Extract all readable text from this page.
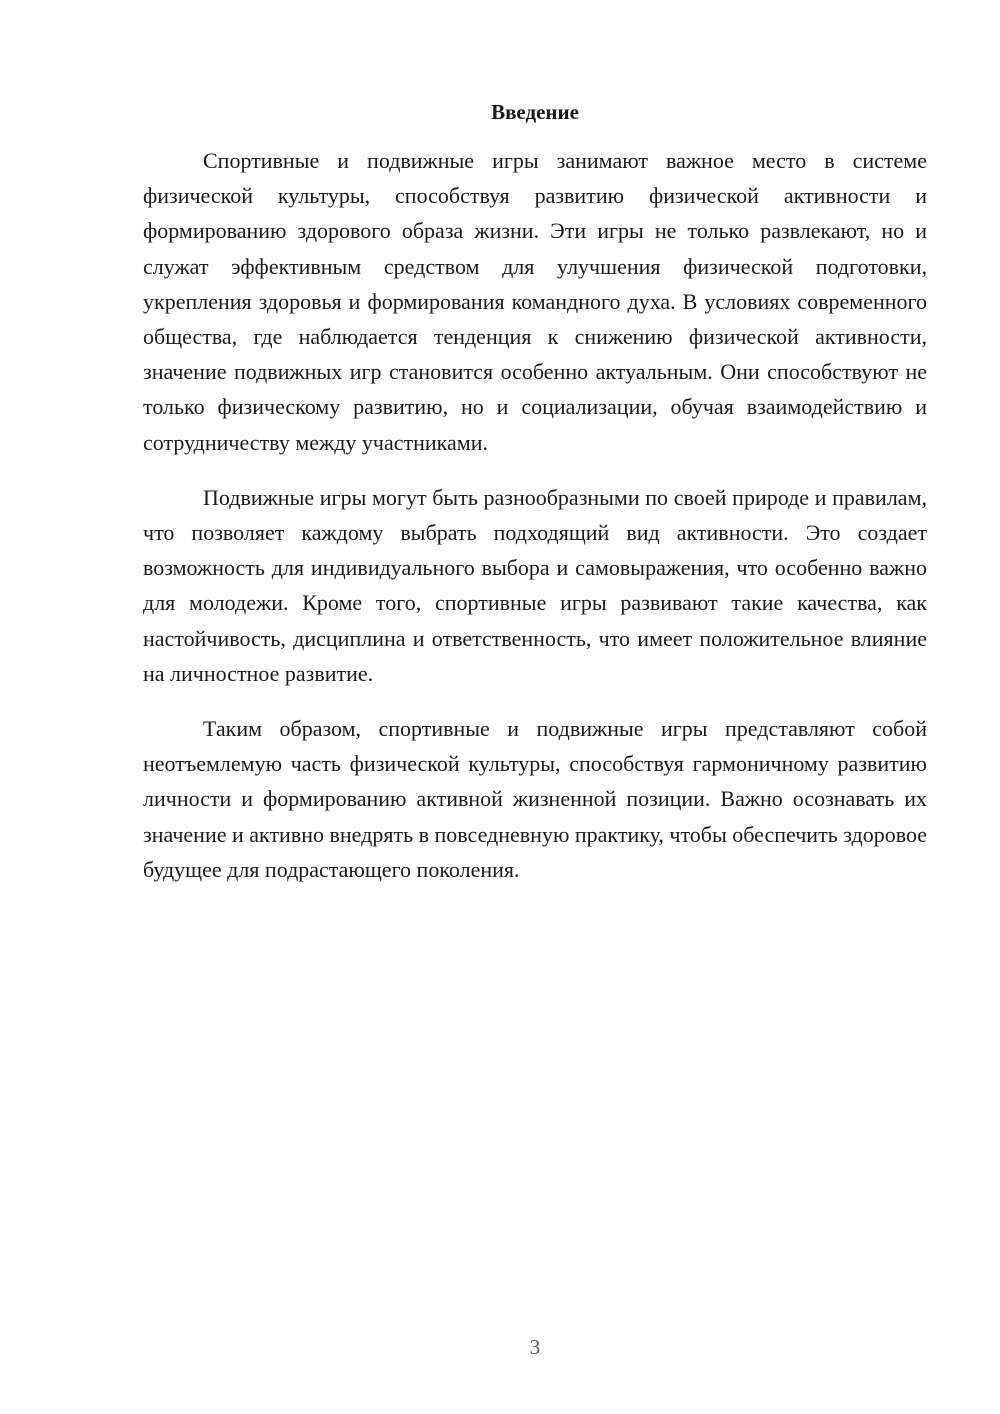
Введение

Спортивные и подвижные игры занимают важное место в системе физической культуры, способствуя развитию физической активности и формированию здорового образа жизни. Эти игры не только развлекают, но и служат эффективным средством для улучшения физической подготовки, укрепления здоровья и формирования командного духа. В условиях современного общества, где наблюдается тенденция к снижению физической активности, значение подвижных игр становится особенно актуальным. Они способствуют не только физическому развитию, но и социализации, обучая взаимодействию и сотрудничеству между участниками.

Подвижные игры могут быть разнообразными по своей природе и правилам, что позволяет каждому выбрать подходящий вид активности. Это создает возможность для индивидуального выбора и самовыражения, что особенно важно для молодежи. Кроме того, спортивные игры развивают такие качества, как настойчивость, дисциплина и ответственность, что имеет положительное влияние на личностное развитие.

Таким образом, спортивные и подвижные игры представляют собой неотъемлемую часть физической культуры, способствуя гармоничному развитию личности и формированию активной жизненной позиции. Важно осознавать их значение и активно внедрять в повседневную практику, чтобы обеспечить здоровое будущее для подрастающего поколения.

3
